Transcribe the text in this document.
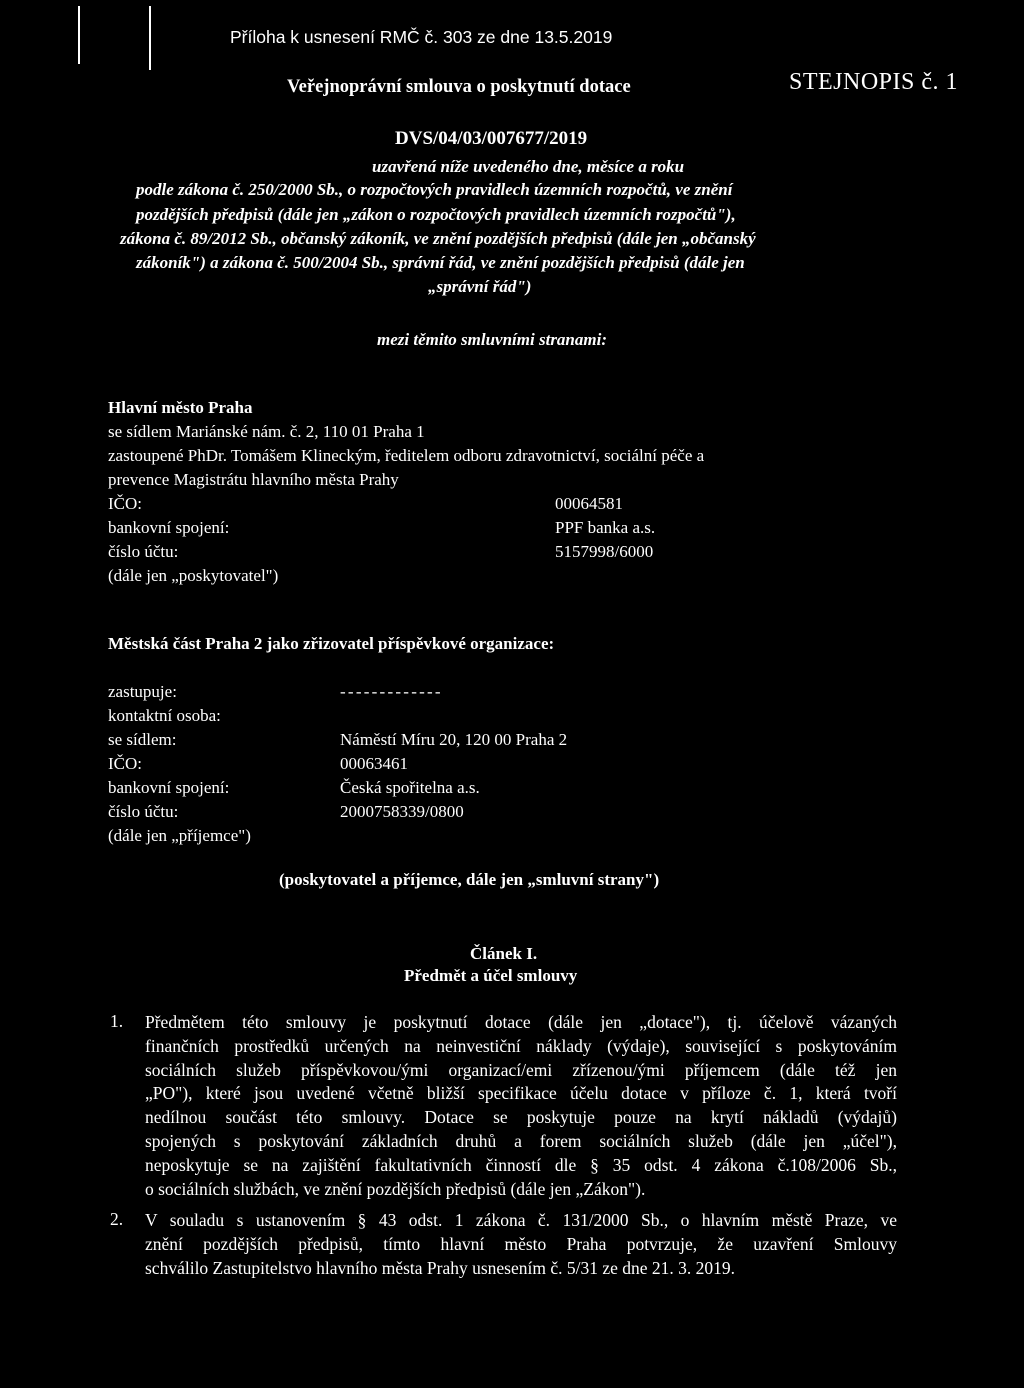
Příloha k usnesení RMČ č. 303 ze dne 13.5.2019
Veřejnoprávní smlouva o poskytnutí dotace	STEJNOPIS č. 1
DVS/04/03/007677/2019
uzavřená níže uvedeného dne, měsíce a roku
podle zákona č. 250/2000 Sb., o rozpočtových pravidlech územních rozpočtů, ve znění
pozdějších předpisů (dále jen „zákon o rozpočtových pravidlech územních rozpočtů"),
zákona č. 89/2012 Sb., občanský zákoník, ve znění pozdějších předpisů (dále jen „občanský
zákoník") a zákona č. 500/2004 Sb., správní řád, ve znění pozdějších předpisů (dále jen
„správní řád")
mezi těmito smluvními stranami:
Hlavní město Praha
se sídlem Mariánské nám. č. 2, 110 01 Praha 1
zastoupené PhDr. Tomášem Klineckým, ředitelem odboru zdravotnictví, sociální péče a
prevence Magistrátu hlavního města Prahy
IČO:	00064581
bankovní spojení:	PPF banka a.s.
číslo účtu:	5157998/6000
(dále jen „poskytovatel")
Městská část Praha 2 jako zřizovatel příspěvkové organizace:
zastupuje:	- - - - - - - - - - - - -
kontaktní osoba:
se sídlem:	Náměstí Míru 20, 120 00 Praha 2
IČO:	00063461
bankovní spojení:	Česká spořitelna a.s.
číslo účtu:	2000758339/0800
(dále jen „příjemce")
(poskytovatel a příjemce, dále jen „smluvní strany")
Článek I.
Předmět a účel smlouvy
1. Předmětem této smlouvy je poskytnutí dotace (dále jen „dotace"), tj. účelově vázaných
finančních prostředků určených na neinvestiční náklady (výdaje), související s poskytováním
sociálních služeb příspěvkovou/ými organizací/emi zřízenou/ými příjemcem (dále též jen
„PO"), které jsou uvedené včetně bližší specifikace účelu dotace v příloze č. 1, která tvoří
nedílnou součást této smlouvy. Dotace se poskytuje pouze na krytí nákladů (výdajů)
spojených s poskytování základních druhů a forem sociálních služeb (dále jen „účel"),
neposkytuje se na zajištění fakultativních činností dle § 35 odst. 4 zákona č.108/2006 Sb.,
o sociálních službách, ve znění pozdějších předpisů (dále jen „Zákon").
2. V souladu s ustanovením § 43 odst. 1 zákona č. 131/2000 Sb., o hlavním městě Praze, ve
znění pozdějších předpisů, tímto hlavní město Praha potvrzuje, že uzavření Smlouvy
schválilo Zastupitelstvo hlavního města Prahy usnesením č. 5/31 ze dne 21. 3. 2019.
